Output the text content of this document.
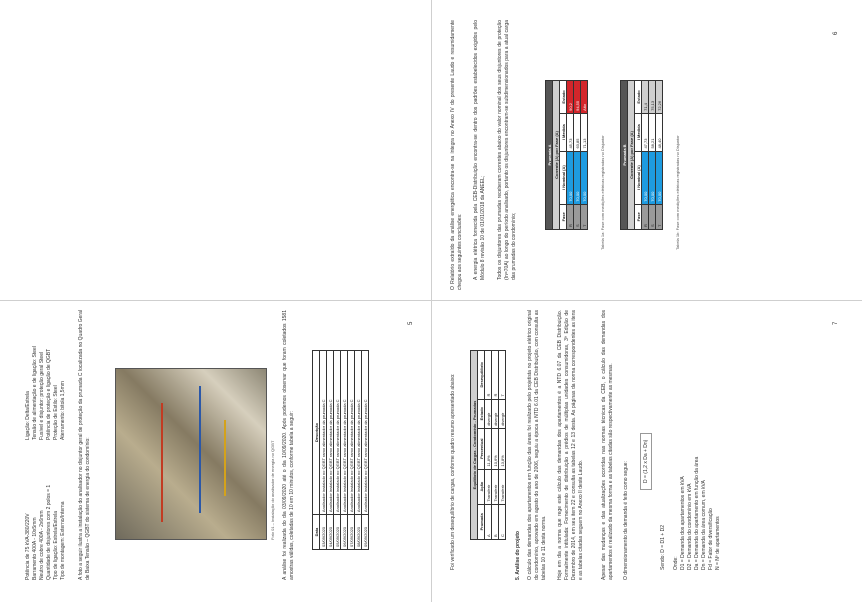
5
Potência de 75 kVA-380/220V Barramento 400A - 10x5mm Neutro de cobre 400A - 2x6mm Quantidade de disjuntores com 2 polos = 1 Tipo de ligação: Estrela/Estrela Tipo de montagem: Externo/Interna
Ligação: Delta/Estrela Tensão de alimentação e de ligação: Steel Fusível e disjuntor: proteção geral Steel Potência de proteção e ligação de QGBT Proteção de Estilo: Steel Aterramento: bitola 1,5mm A foto a seguir ilustra a instalação do analisador no disjuntor geral de proteção da prumada C localizada no Quadro Geral de Baixa Tensão – QGBT do sistema de energia do condomínio:	Foto 01 – Instalação do analisador de energia no QGBT A análise foi realizada do dia 03/09/2020 até o dia 10/09/2020. Após podemos observar que foram coletados 1581 amostras válidas, coletadas de 10 em 10 minutos, conforme tabela a seguir:	Data	Descrição
03/09/2020	Analisador instalado no QGBT ramo alimentador da prumada C
04/09/2020	Analisador instalado no QGBT ramo alimentador da prumada C
05/09/2020	Analisador instalado no QGBT ramo alimentador da prumada C
06/09/2020	Analisador instalado no QGBT ramo alimentador da prumada C
07/09/2020	Analisador instalado no QGBT ramo alimentador da prumada C
08/09/2020	Analisador instalado no QGBT ramo alimentador da prumada C
09/09/2020	Analisador instalado no QGBT ramo alimentador da prumada C
6
O Relatório extraído da análise energética encontra-se na íntegra no Anexo IV do presente Laudo e resumidamente chegou aos seguintes conclusões: A energia elétrica fornecida pela CEB-Distribuição encontra-se dentro dos padrões estabelecidos exigidos pelo Módulo 8 revisão 10 de 01/01/2018 da ANEEL; Todos os disjuntores das prumadas receberam correntes abaixo do valor nominal dos seus disjuntores de proteção (In=70A) ao longo do período analisado, portanto os disjuntores encontram-se subdimensionados para a atual carga das prumadas do condomínio;
Prumada A			
Corrente (A) por Fase (A)			
Fase	I Nominal (A)	I Medida	Estado
R	70,00	45,73	90,2
S	70,00	63,85	94,55
T	70,00	71,13	Alto
Tabela 1a: Fase com medições elétricas registradas no Disjuntor	Prumada B			
Corrente (A) por Fase (A)			
Fase	I Nominal (A)	I Medida	Estado
R	70,00	47,73	71,4
S	70,00	58,21	75,13
T	70,00	48,40	72,26
Tabela 1b: Fase com medições elétricas registradas no Disjuntor
7
Foi verificado um desequilíbrio de cargas, conforme quadro resumo apresentado abaixo:	Equilíbrio de Cargas - Condomínio - Prumadas				
Prumada	Ação	Percentual	Estado	Desequilíbrio
A	Transferir	11,8%	divergir	R
B	Transferir	10,6%	divergir	R
C	Transferir	13,8%	divergir	T
5. Análise do projeto O cálculo das demandas dos apartamentos em função das áreas foi realizado pelo projetista no projeto elétrico original do condomínio, aprovado em agosto do ano de 2006, seguiu a época a NTD 6.01 da CEB Distribuição, com consulta as tabelas 10 e 11 desta norma. Hoje em dia a norma que rege este cálculo das demandas dos apartamentos é a NTD 6.07 da CEB Distribuição. Formalmente intitulada: Fornecimento de distribuição a prédios de múltiplas unidades consumidoras, 3ª Edição de Dezembro de 2014, em seu item 22 e consulta as tabelas 12 e 13 desta. As páginas da norma correspondentes as itens e as tabelas citadas seguem no Anexo II deste Laudo.	Apesar das mudanças e das atualizações ocorridas nas normas técnicas da CEB, o cálculo das demandas dos apartamentos é realizado da mesma forma e as tabelas citadas são respectivamente as mesmas. O dimensionamento da demanda é feito como segue:	D = (1,2 x Da + Dn)
Sendo: D = D1 + D2 Onde: D1 = Demanda dos apartamentos em kVA D2 = Demanda do condomínio em kVA Da = Demanda do apartamento em função da área Dn = Demanda da área comum, em kVA Fd = Fator de diversificação N = Nº de apartamentos
